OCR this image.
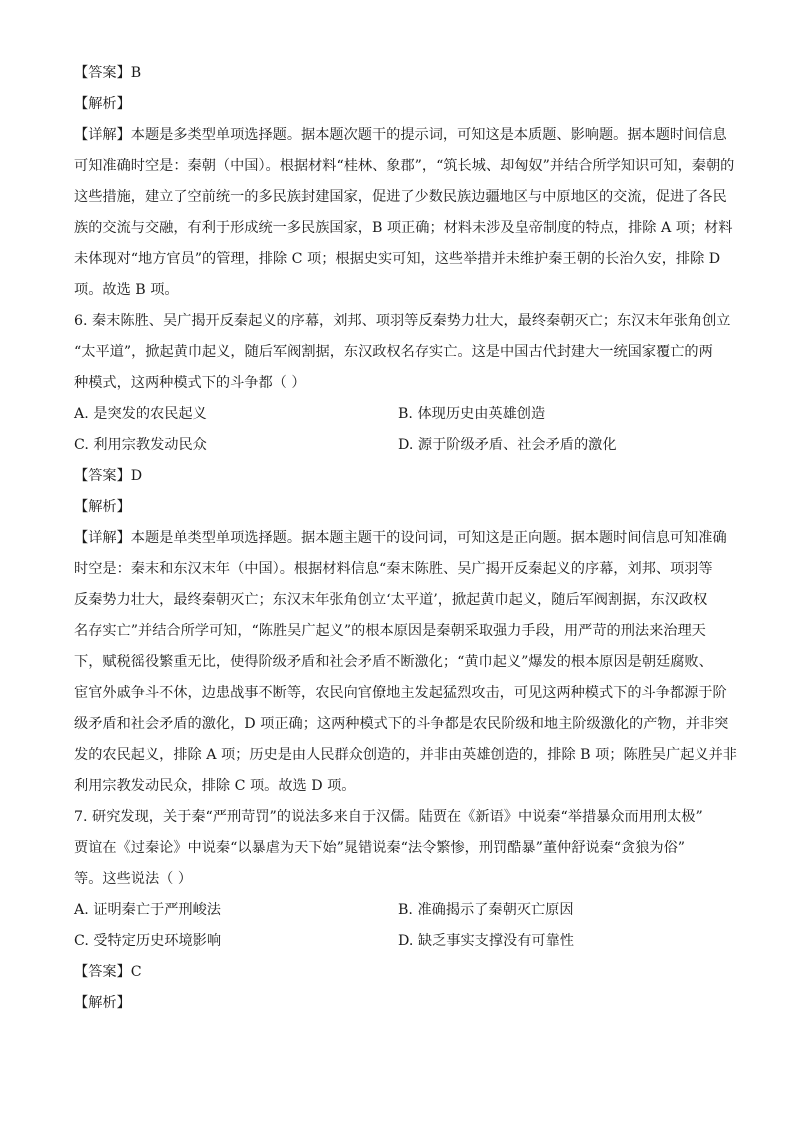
【答案】B

【解析】

【详解】本题是多类型单项选择题。据本题次题干的提示词，可知这是本质题、影响题。据本题时间信息

可知准确时空是：秦朝（中国）。根据材料“桂林、象郡”，“筑长城、却匈奴”并结合所学知识可知，秦朝的

这些措施，建立了空前统一的多民族封建国家，促进了少数民族边疆地区与中原地区的交流，促进了各民

族的交流与交融，有利于形成统一多民族国家，B 项正确；材料未涉及皇帝制度的特点，排除 A 项；材料

未体现对“地方官员”的管理，排除 C 项；根据史实可知，这些举措并未维护秦王朝的长治久安，排除 D

项。故选 B 项。

6. 秦末陈胜、吴广揭开反秦起义的序幕，刘邦、项羽等反秦势力壮大，最终秦朝灭亡；东汉末年张角创立

“太平道”，掀起黄巾起义，随后军阀割据，东汉政权名存实亡。这是中国古代封建大一统国家覆亡的两

种模式，这两种模式下的斗争都（ ）

A. 是突发的农民起义	B. 体现历史由英雄创造
C. 利用宗教发动民众	D. 源于阶级矛盾、社会矛盾的激化

【答案】D

【解析】

【详解】本题是单类型单项选择题。据本题主题干的设问词，可知这是正向题。据本题时间信息可知准确

时空是：秦末和东汉末年（中国）。根据材料信息“秦末陈胜、吴广揭开反秦起义的序幕，刘邦、项羽等

反秦势力壮大，最终秦朝灭亡；东汉末年张角创立‘太平道’，掀起黄巾起义，随后军阀割据，东汉政权

名存实亡”并结合所学可知，“陈胜吴广起义”的根本原因是秦朝采取强力手段，用严苛的刑法来治理天

下，赋税徭役繁重无比，使得阶级矛盾和社会矛盾不断激化；“黄巾起义”爆发的根本原因是朝廷腐败、

宦官外戚争斗不休，边患战事不断等，农民向官僚地主发起猛烈攻击，可见这两种模式下的斗争都源于阶

级矛盾和社会矛盾的激化，D 项正确；这两种模式下的斗争都是农民阶级和地主阶级激化的产物，并非突

发的农民起义，排除 A 项；历史是由人民群众创造的，并非由英雄创造的，排除 B 项；陈胜吴广起义并非

利用宗教发动民众，排除 C 项。故选 D 项。

7. 研究发现，关于秦“严刑苛罚”的说法多来自于汉儒。陆贾在《新语》中说秦“举措暴众而用刑太极”

贾谊在《过秦论》中说秦“以暴虐为天下始”晁错说秦“法令繁惨，刑罚酷暴”董仲舒说秦“贪狼为俗”

等。这些说法（ ）

A. 证明秦亡于严刑峻法	B. 准确揭示了秦朝灭亡原因
C. 受特定历史环境影响	D. 缺乏事实支撑没有可靠性

【答案】C

【解析】
